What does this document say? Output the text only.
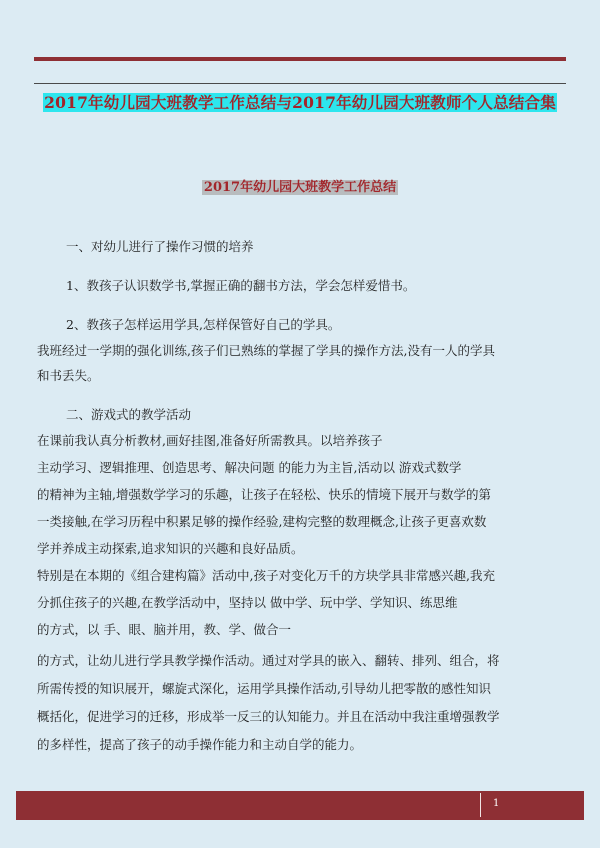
2017年幼儿园大班教学工作总结与2017年幼儿园大班教师个人总结合集
2017年幼儿园大班教学工作总结
一、对幼儿进行了操作习惯的培养
1、教孩子认识数学书,掌握正确的翻书方法，学会怎样爱惜书。
2、教孩子怎样运用学具,怎样保管好自己的学具。
我班经过一学期的强化训练,孩子们已熟练的掌握了学具的操作方法,没有一人的学具
和书丢失。
二、游戏式的教学活动
在课前我认真分析教材,画好挂图,准备好所需教具。以培养孩子
主动学习、逻辑推理、创造思考、解决问题 的能力为主旨,活动以 游戏式数学
的精神为主轴,增强数学学习的乐趣，让孩子在轻松、快乐的情境下展开与数学的第
一类接触,在学习历程中积累足够的操作经验,建构完整的数理概念,让孩子更喜欢数
学并养成主动探索,追求知识的兴趣和良好品质。
特别是在本期的《组合建构篇》活动中,孩子对变化万千的方块学具非常感兴趣,我充
分抓住孩子的兴趣,在教学活动中，坚持以 做中学、玩中学、学知识、练思维
的方式，以 手、眼、脑并用，教、学、做合一
的方式，让幼儿进行学具教学操作活动。通过对学具的嵌入、翻转、排列、组合，将
所需传授的知识展开，螺旋式深化，运用学具操作活动,引导幼儿把零散的感性知识
概括化，促进学习的迁移，形成举一反三的认知能力。并且在活动中我注重增强教学
的多样性，提高了孩子的动手操作能力和主动自学的能力。
1
